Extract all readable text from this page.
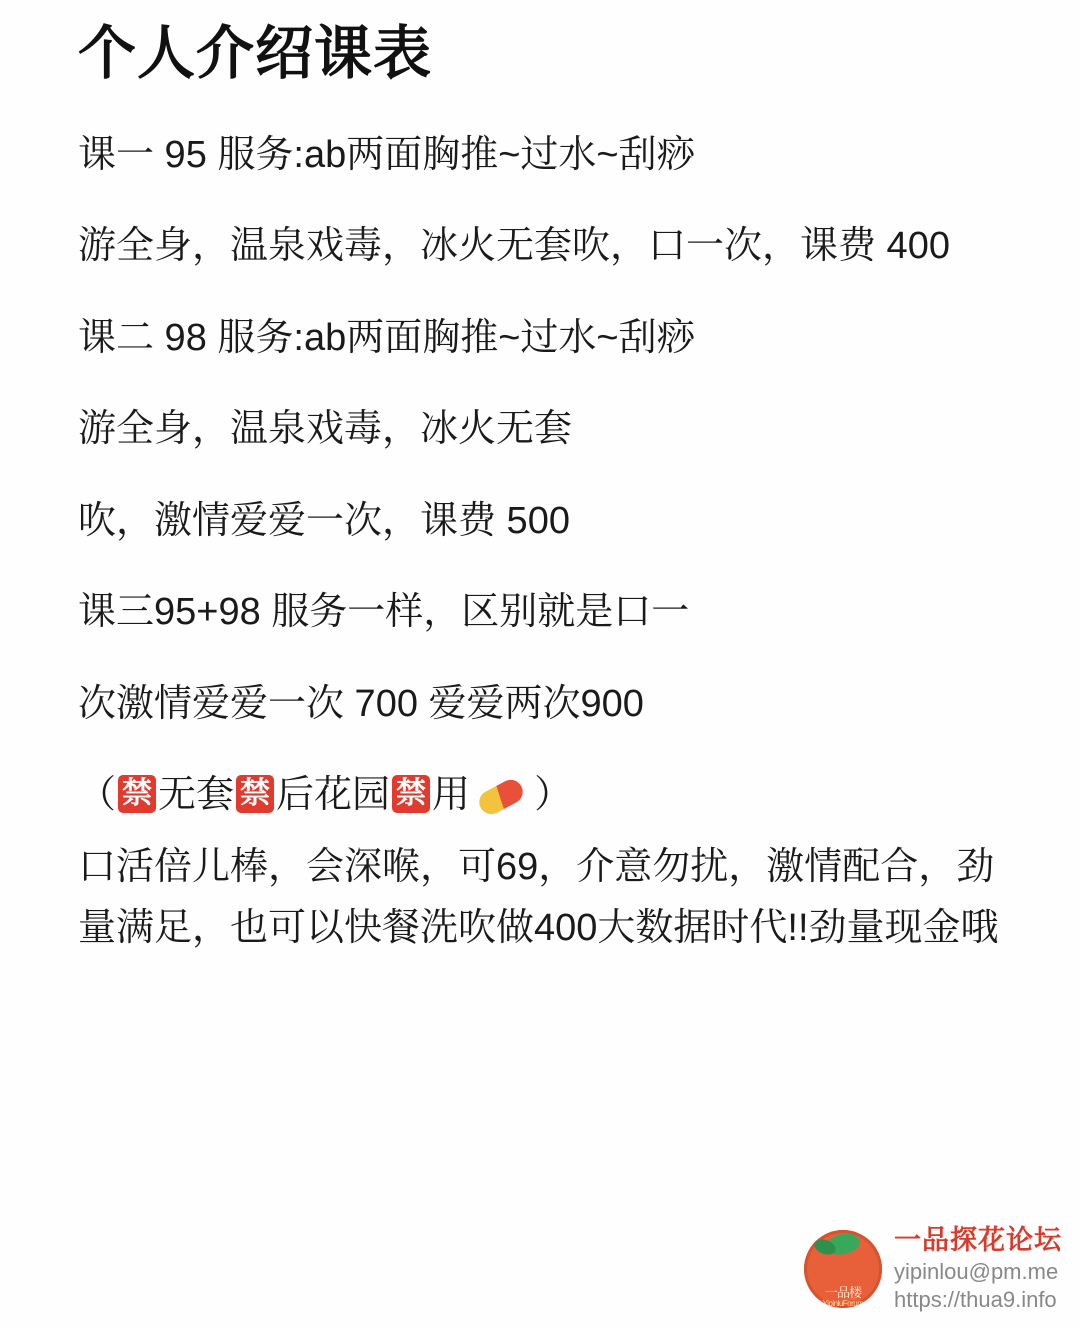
个人介绍课表

课一 95 服务:ab两面胸推~过水~刮痧

游全身，温泉戏毒，冰火无套吹，口一次，课费 400

课二 98 服务:ab两面胸推~过水~刮痧

游全身，温泉戏毒，冰火无套

吹，激情爱爱一次，课费 500

课三95+98 服务一样，区别就是口一

次激情爱爱一次 700 爱爱两次900

（ 禁 无套 禁 后花园 禁 用 ）

口活倍儿棒，会深喉，可69，介意勿扰，激情配合，劲量满足，也可以快餐洗吹做400大数据时代!!劲量现金哦

一品楼
YipinluForum
一品探花论坛
yipinlou@pm.me
https://thua9.info
